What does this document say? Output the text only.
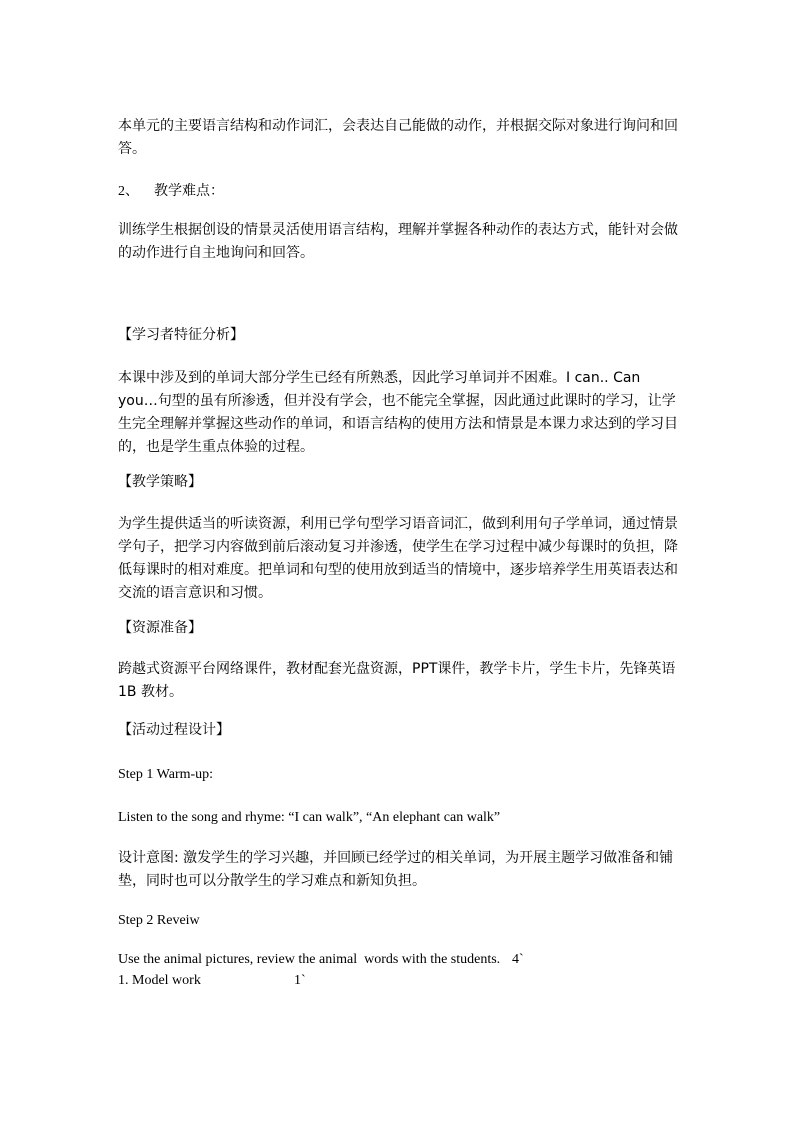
本单元的主要语言结构和动作词汇，会表达自己能做的动作，并根据交际对象进行询问和回答。

2、 教学难点：

训练学生根据创设的情景灵活使用语言结构，理解并掌握各种动作的表达方式，能针对会做的动作进行自主地询问和回答。

【学习者特征分析】

本课中涉及到的单词大部分学生已经有所熟悉，因此学习单词并不困难。I can.. Can you…句型的虽有所渗透，但并没有学会，也不能完全掌握，因此通过此课时的学习，让学生完全理解并掌握这些动作的单词，和语言结构的使用方法和情景是本课力求达到的学习目的，也是学生重点体验的过程。

【教学策略】

为学生提供适当的听读资源，利用已学句型学习语音词汇，做到利用句子学单词，通过情景学句子，把学习内容做到前后滚动复习并渗透，使学生在学习过程中减少每课时的负担，降低每课时的相对难度。把单词和句型的使用放到适当的情境中，逐步培养学生用英语表达和交流的语言意识和习惯。

【资源准备】

跨越式资源平台网络课件，教材配套光盘资源，PPT课件，教学卡片，学生卡片，先锋英语1B 教材。

【活动过程设计】

Step 1 Warm-up:

Listen to the song and rhyme: “I can walk”, “An elephant can walk”

设计意图: 激发学生的学习兴趣，并回顾已经学过的相关单词，为开展主题学习做准备和铺垫，同时也可以分散学生的学习难点和新知负担。

Step 2 Reveiw

Use the animal pictures, review the animal  words with the students.

4`

1. Model work

	1`
